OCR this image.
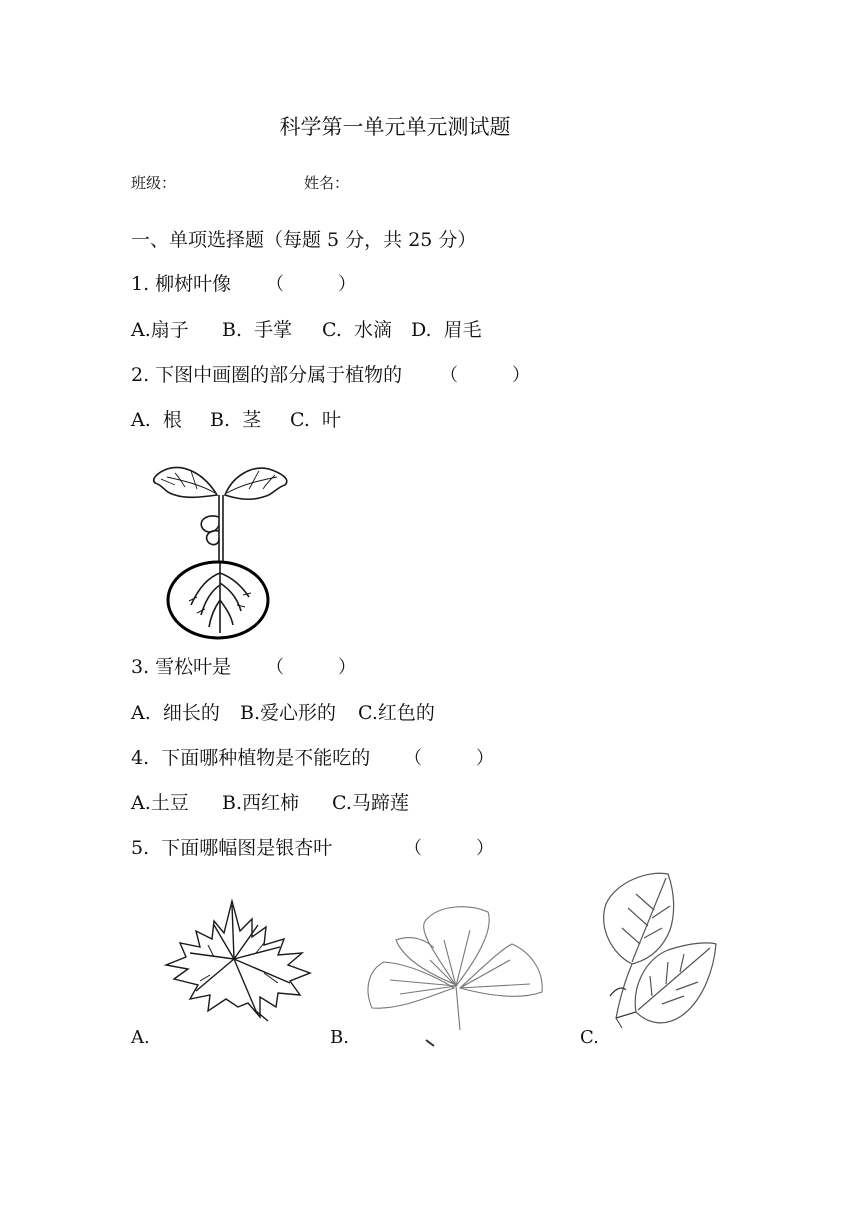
科学第一单元单元测试题
班级：	姓名：
一、单项选择题（每题 5 分，共 25 分）
1. 柳树叶像 （　　　）
A.扇子 B.  手掌 C.  水滴 D.  眉毛
2. 下图中画圈的部分属于植物的 （　　　）
A.  根 B.  茎 C.  叶
3. 雪松叶是 （　　　）
A.  细长的 B.爱心形的 C.红色的
4.  下面哪种植物是不能吃的 （　　　）
A.土豆 B.西红柿 C.马蹄莲
5.  下面哪幅图是银杏叶	（　　　）
A.	B.	C.
